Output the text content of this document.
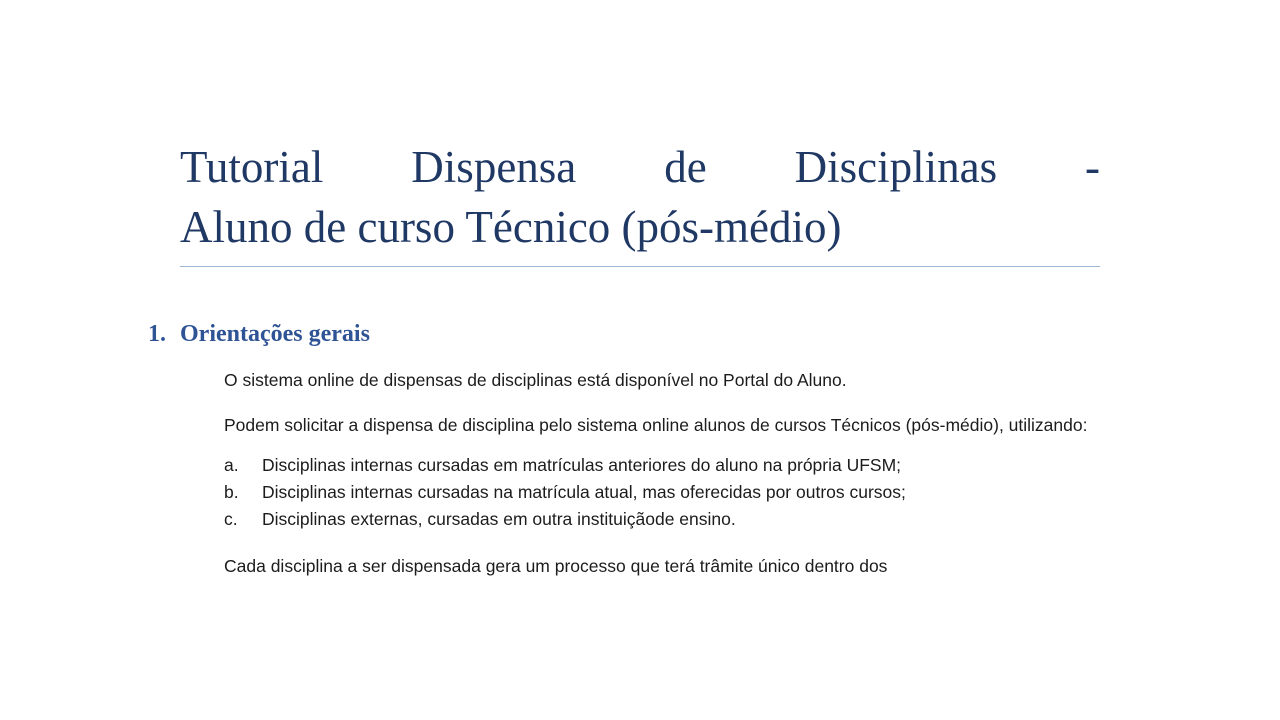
Tutorial Dispensa de Disciplinas -
Aluno de curso Técnico (pós-médio)
1. Orientações gerais

O sistema online de dispensas de disciplinas está disponível no Portal do Aluno.

Podem solicitar a dispensa de disciplina pelo sistema online alunos de cursos Técnicos (pós-médio), utilizando:

a.	Disciplinas internas cursadas em matrículas anteriores do aluno na própria UFSM;
b.	Disciplinas internas cursadas na matrícula atual, mas oferecidas por outros cursos;
c.	Disciplinas externas, cursadas em outra instituiçãode ensino.

Cada disciplina a ser dispensada gera um processo que terá trâmite único dentro dos
